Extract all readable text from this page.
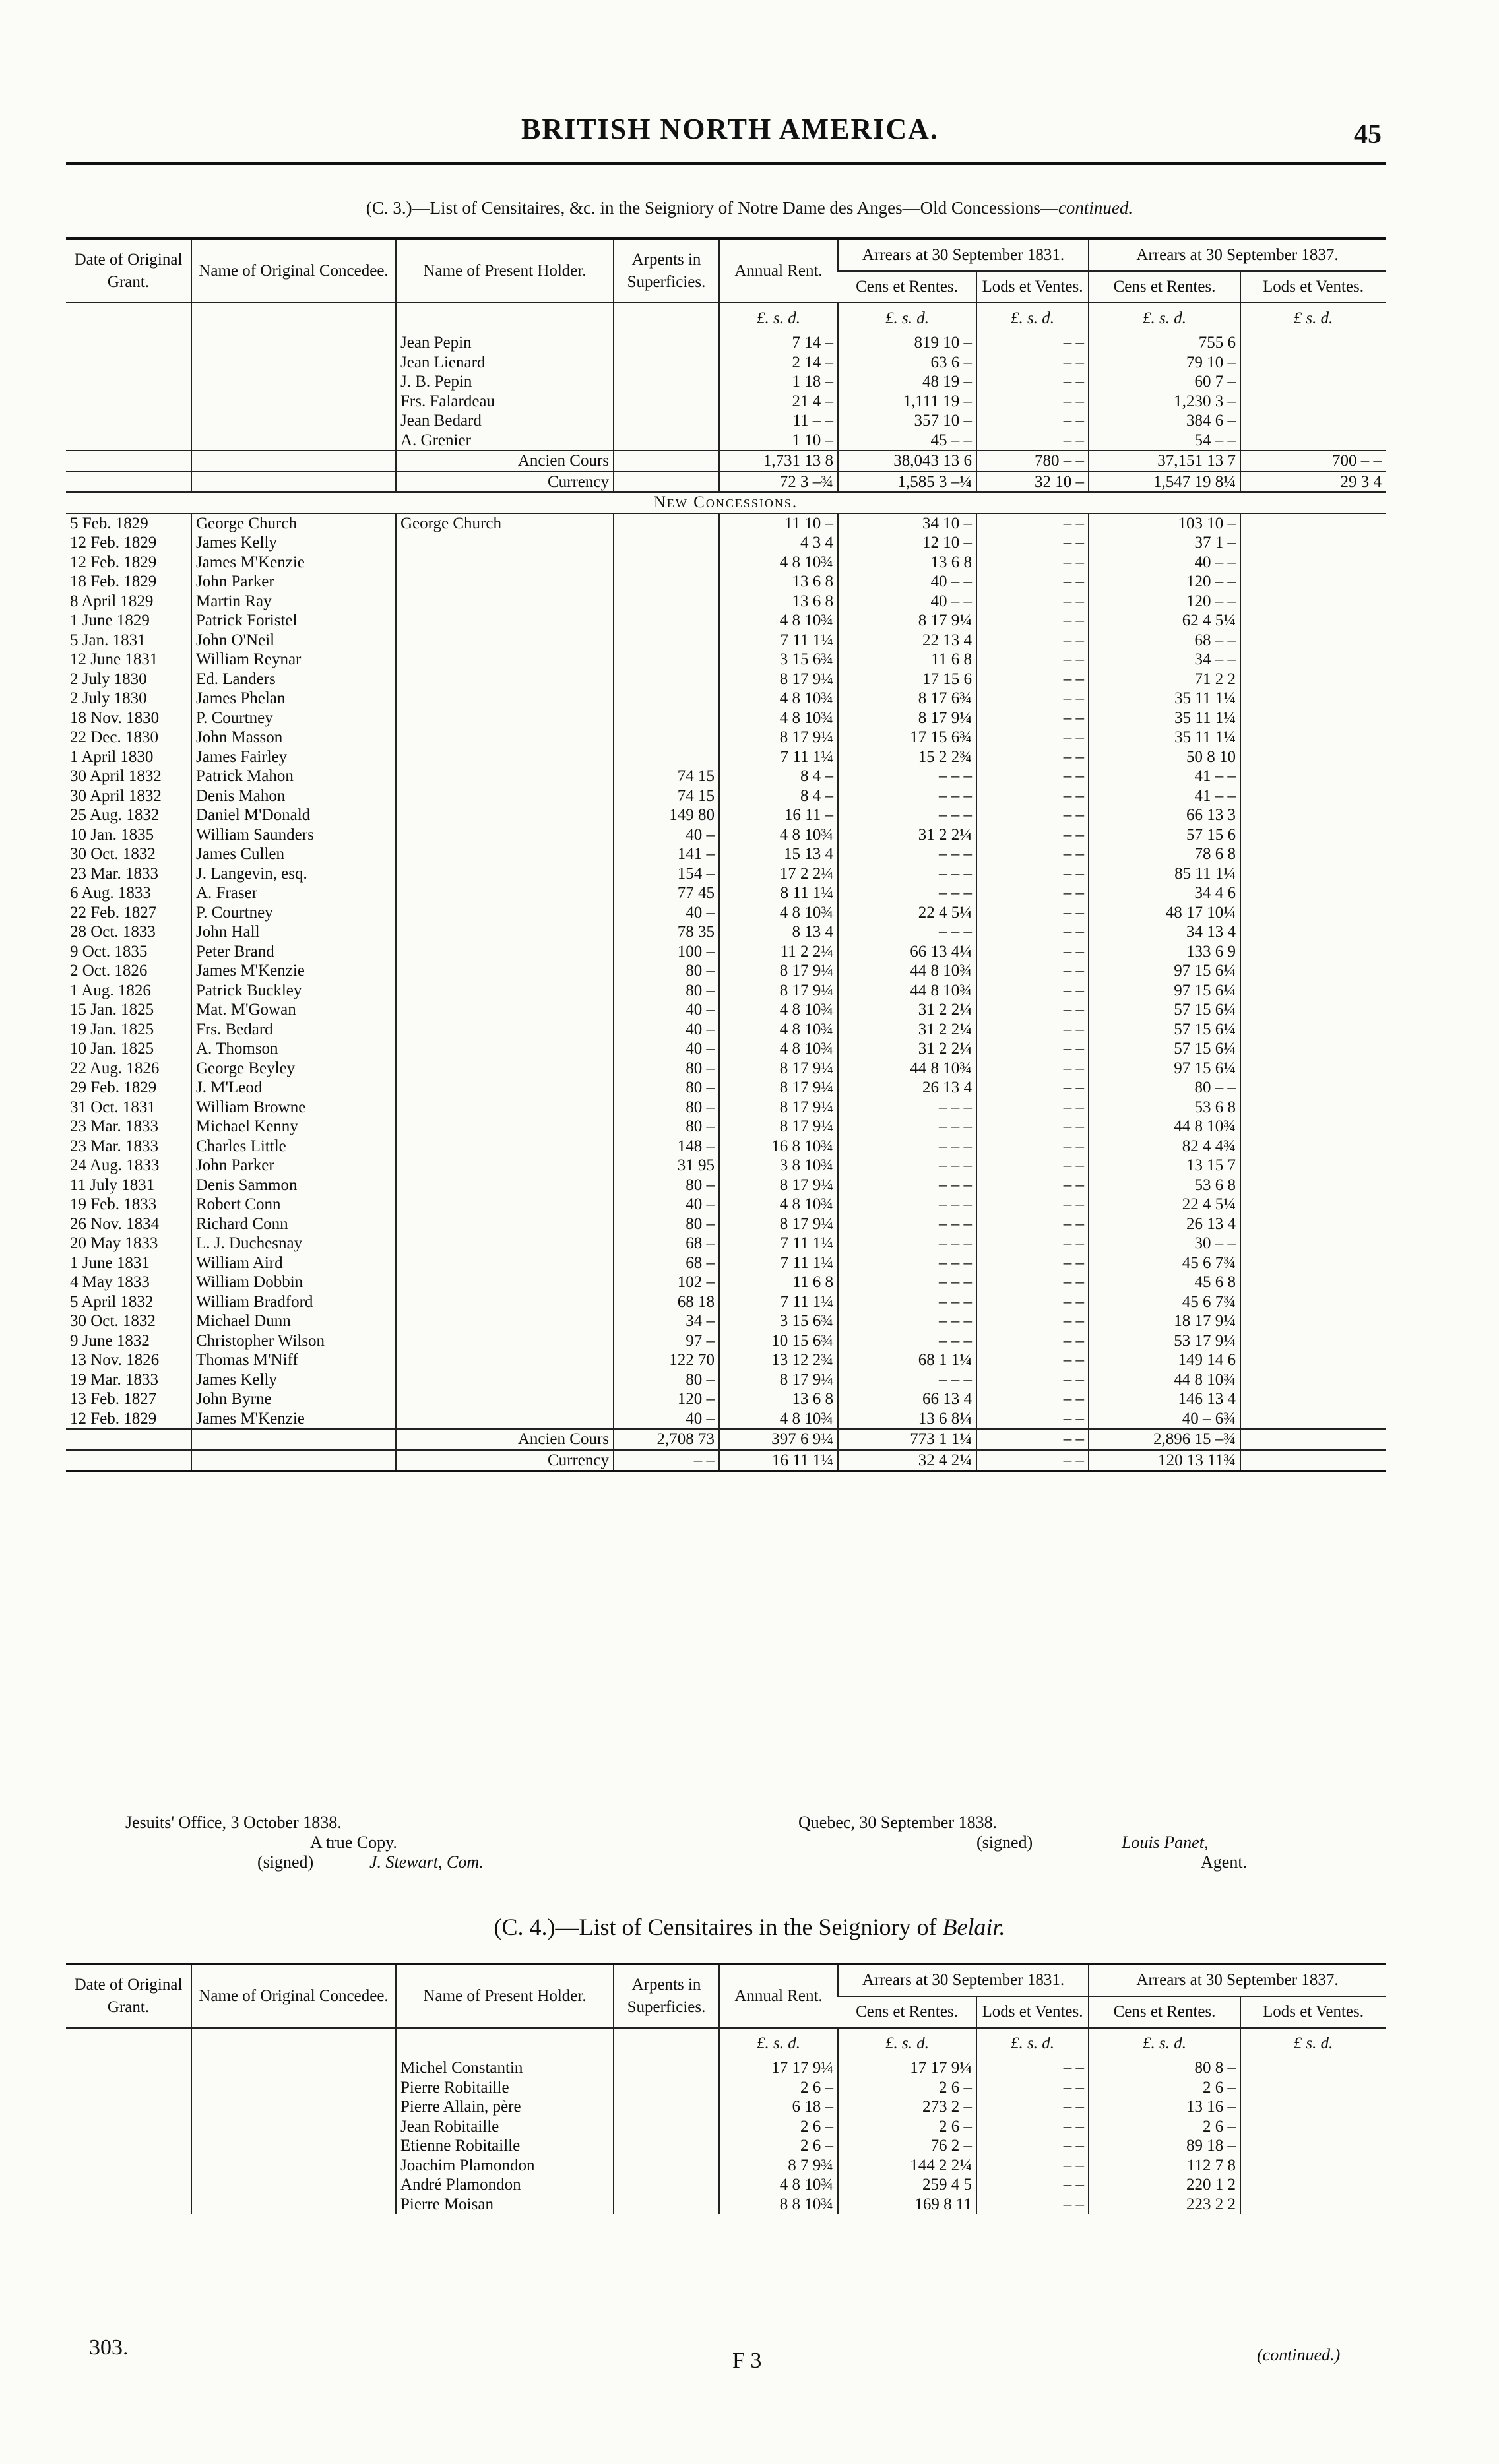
BRITISH NORTH AMERICA.	45
(C. 3.)—List of Censitaires, &c. in the Seigniory of Notre Dame des Anges—Old Concessions—continued.
Date of Original Grant.	Name of Original Concedee.	Name of Present Holder.	Arpents in Superficies.	Annual Rent.	Arrears at 30 September 1831.		Arrears at 30 September 1837.	
					Cens et Rentes.	Lods et Ventes.	Cens et Rentes.	Lods et Ventes.
				£. s. d.	£. s. d.	£. s. d.	£. s. d.	£ s. d.
		Jean Pepin		7 14 –	819 10 –	– –	755 6	
		Jean Lienard		2 14 –	63 6 –	– –	79 10 –	
		J. B. Pepin		1 18 –	48 19 –	– –	60 7 –	
		Frs. Falardeau		21 4 –	1,111 19 –	– –	1,230 3 –	
		Jean Bedard		11 – –	357 10 –	– –	384 6 –	
		A. Grenier		1 10 –	45 – –	– –	54 – –	
		Ancien Cours		1,731 13 8	38,043 13 6	780 – –	37,151 13 7	700 – –
		Currency		72 3 –¾	1,585 3 –¼	32 10 –	1,547 19 8¼	29 3 4
New Concessions.								
5 Feb. 1829	George Church	George Church		11 10 –	34 10 –	– –	103 10 –	
12 Feb. 1829	James Kelly			4 3 4	12 10 –	– –	37 1 –	
12 Feb. 1829	James M'Kenzie			4 8 10¾	13 6 8	– –	40 – –	
18 Feb. 1829	John Parker			13 6 8	40 – –	– –	120 – –	
8 April 1829	Martin Ray			13 6 8	40 – –	– –	120 – –	
1 June 1829	Patrick Foristel			4 8 10¾	8 17 9¼	– –	62 4 5¼	
5 Jan. 1831	John O'Neil			7 11 1¼	22 13 4	– –	68 – –	
12 June 1831	William Reynar			3 15 6¾	11 6 8	– –	34 – –	
2 July 1830	Ed. Landers			8 17 9¼	17 15 6	– –	71 2 2	
2 July 1830	James Phelan			4 8 10¾	8 17 6¾	– –	35 11 1¼	
18 Nov. 1830	P. Courtney			4 8 10¾	8 17 9¼	– –	35 11 1¼	
22 Dec. 1830	John Masson			8 17 9¼	17 15 6¾	– –	35 11 1¼	
1 April 1830	James Fairley			7 11 1¼	15 2 2¾	– –	50 8 10	
30 April 1832	Patrick Mahon		74 15	8 4 –	– – –	– –	41 – –	
30 April 1832	Denis Mahon		74 15	8 4 –	– – –	– –	41 – –	
25 Aug. 1832	Daniel M'Donald		149 80	16 11 –	– – –	– –	66 13 3	
10 Jan. 1835	William Saunders		40 –	4 8 10¾	31 2 2¼	– –	57 15 6	
30 Oct. 1832	James Cullen		141 –	15 13 4	– – –	– –	78 6 8	
23 Mar. 1833	J. Langevin, esq.		154 –	17 2 2¼	– – –	– –	85 11 1¼	
6 Aug. 1833	A. Fraser		77 45	8 11 1¼	– – –	– –	34 4 6	
22 Feb. 1827	P. Courtney		40 –	4 8 10¾	22 4 5¼	– –	48 17 10¼	
28 Oct. 1833	John Hall		78 35	8 13 4	– – –	– –	34 13 4	
9 Oct. 1835	Peter Brand		100 –	11 2 2¼	66 13 4¼	– –	133 6 9	
2 Oct. 1826	James M'Kenzie		80 –	8 17 9¼	44 8 10¾	– –	97 15 6¼	
1 Aug. 1826	Patrick Buckley		80 –	8 17 9¼	44 8 10¾	– –	97 15 6¼	
15 Jan. 1825	Mat. M'Gowan		40 –	4 8 10¾	31 2 2¼	– –	57 15 6¼	
19 Jan. 1825	Frs. Bedard		40 –	4 8 10¾	31 2 2¼	– –	57 15 6¼	
10 Jan. 1825	A. Thomson		40 –	4 8 10¾	31 2 2¼	– –	57 15 6¼	
22 Aug. 1826	George Beyley		80 –	8 17 9¼	44 8 10¾	– –	97 15 6¼	
29 Feb. 1829	J. M'Leod		80 –	8 17 9¼	26 13 4	– –	80 – –	
31 Oct. 1831	William Browne		80 –	8 17 9¼	– – –	– –	53 6 8	
23 Mar. 1833	Michael Kenny		80 –	8 17 9¼	– – –	– –	44 8 10¾	
23 Mar. 1833	Charles Little		148 –	16 8 10¾	– – –	– –	82 4 4¾	
24 Aug. 1833	John Parker		31 95	3 8 10¾	– – –	– –	13 15 7	
11 July 1831	Denis Sammon		80 –	8 17 9¼	– – –	– –	53 6 8	
19 Feb. 1833	Robert Conn		40 –	4 8 10¾	– – –	– –	22 4 5¼	
26 Nov. 1834	Richard Conn		80 –	8 17 9¼	– – –	– –	26 13 4	
20 May 1833	L. J. Duchesnay		68 –	7 11 1¼	– – –	– –	30 – –	
1 June 1831	William Aird		68 –	7 11 1¼	– – –	– –	45 6 7¾	
4 May 1833	William Dobbin		102 –	11 6 8	– – –	– –	45 6 8	
5 April 1832	William Bradford		68 18	7 11 1¼	– – –	– –	45 6 7¾	
30 Oct. 1832	Michael Dunn		34 –	3 15 6¾	– – –	– –	18 17 9¼	
9 June 1832	Christopher Wilson		97 –	10 15 6¾	– – –	– –	53 17 9¼	
13 Nov. 1826	Thomas M'Niff		122 70	13 12 2¾	68 1 1¼	– –	149 14 6	
19 Mar. 1833	James Kelly		80 –	8 17 9¼	– – –	– –	44 8 10¾	
13 Feb. 1827	John Byrne		120 –	13 6 8	66 13 4	– –	146 13 4	
12 Feb. 1829	James M'Kenzie		40 –	4 8 10¾	13 6 8¼	– –	40 – 6¾	
		Ancien Cours	2,708 73	397 6 9¼	773 1 1¼	– –	2,896 15 –¾	
		Currency	– –	16 11 1¼	32 4 2¼	– –	120 13 11¾	
Jesuits' Office, 3 October 1838.
A true Copy.
(signed)	J. Stewart, Com.
Quebec, 30 September 1838.
(signed)	Louis Panet,
Agent.
(C. 4.)—List of Censitaires in the Seigniory of Belair.
Date of Original Grant.	Name of Original Concedee.	Name of Present Holder.	Arpents in Superficies.	Annual Rent.	Arrears at 30 September 1831.		Arrears at 30 September 1837.	
					Cens et Rentes.	Lods et Ventes.	Cens et Rentes.	Lods et Ventes.
				£. s. d.	£. s. d.	£. s. d.	£. s. d.	£ s. d.
		Michel Constantin		17 17 9¼	17 17 9¼	– –	80 8 –	
		Pierre Robitaille		2 6 –	2 6 –	– –	2 6 –	
		Pierre Allain, père		6 18 –	273 2 –	– –	13 16 –	
		Jean Robitaille		2 6 –	2 6 –	– –	2 6 –	
		Etienne Robitaille		2 6 –	76 2 –	– –	89 18 –	
		Joachim Plamondon		8 7 9¾	144 2 2¼	– –	112 7 8	
		André Plamondon		4 8 10¾	259 4 5	– –	220 1 2	
		Pierre Moisan		8 8 10¾	169 8 11	– –	223 2 2	
303.
F 3	(continued.)
